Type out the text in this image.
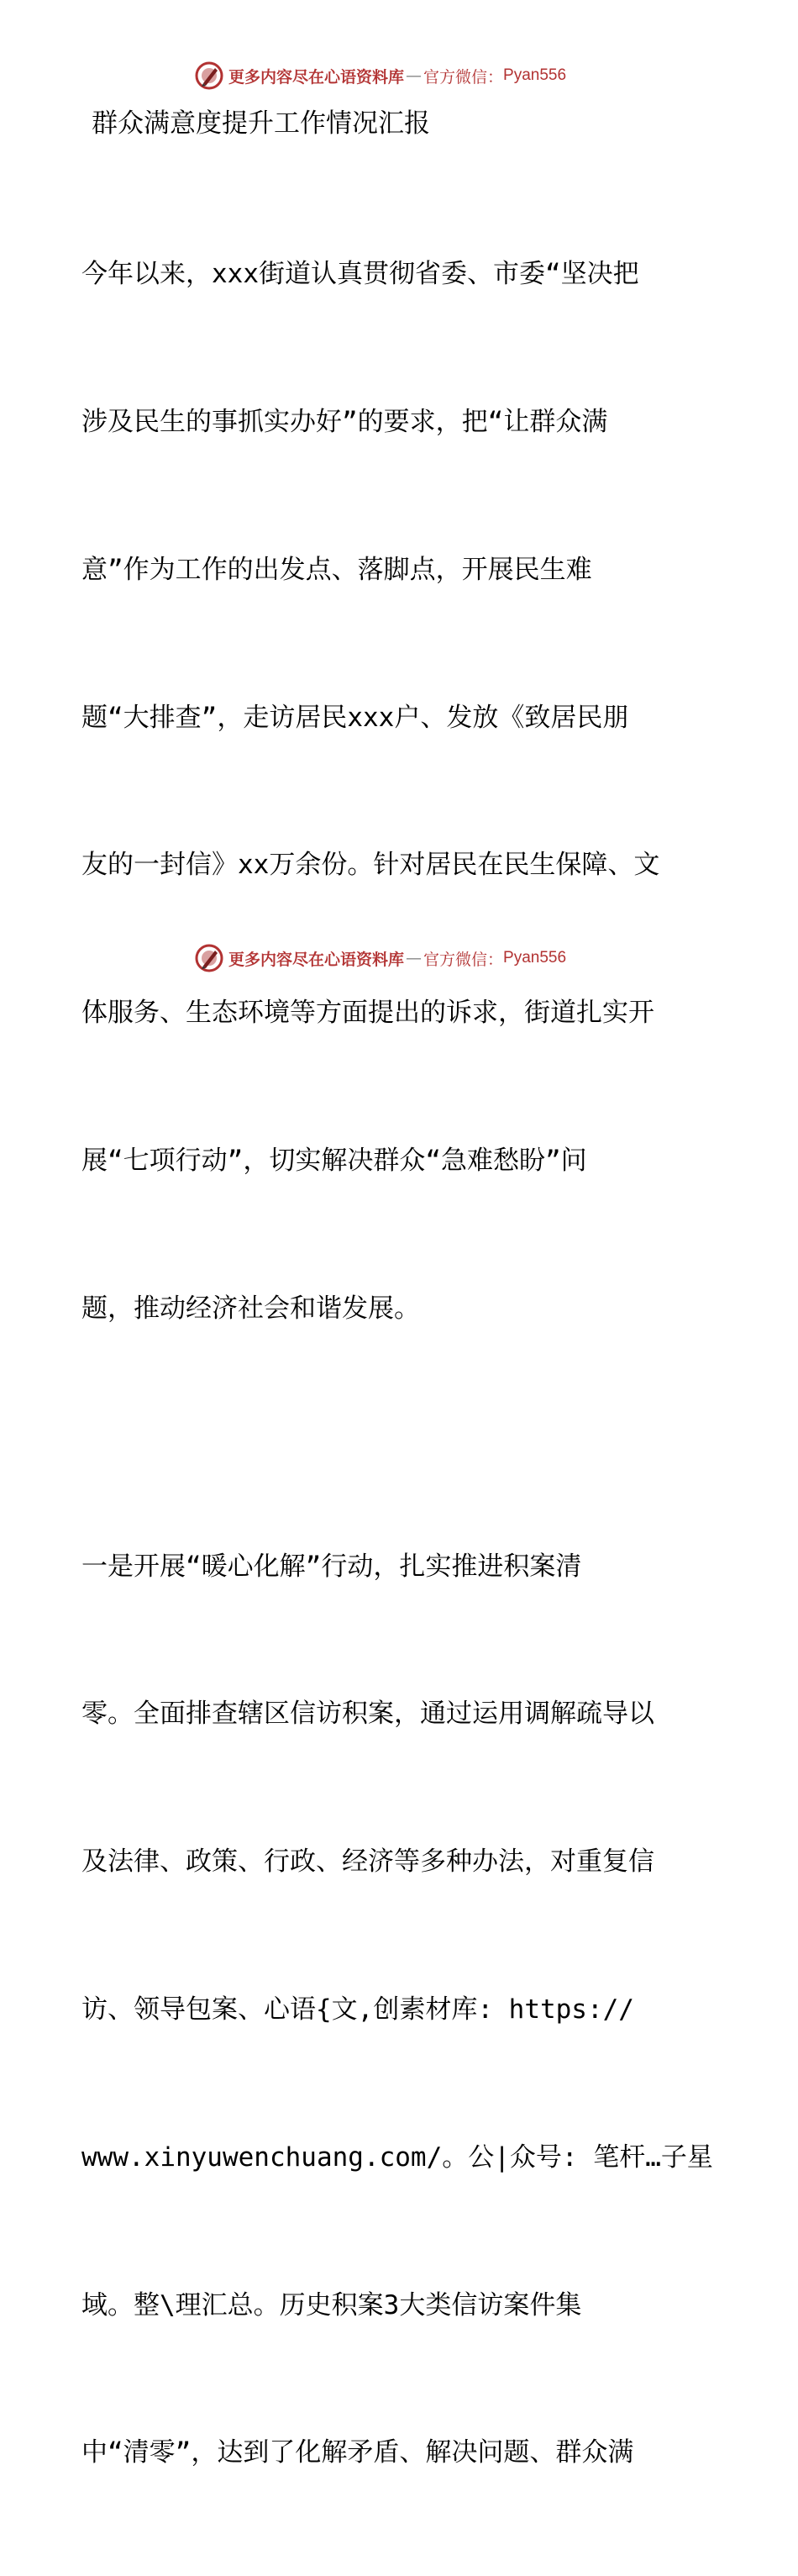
更多内容尽在心语资料库 — 官方微信： Pyan556
群众满意度提升工作情况汇报

今年以来，xxx街道认真贯彻省委、市委“坚决把

涉及民生的事抓实办好”的要求，把“让群众满

意”作为工作的出发点、落脚点，开展民生难

题“大排查”，走访居民xxx户、发放《致居民朋

友的一封信》xx万余份。针对居民在民生保障、文

体服务、生态环境等方面提出的诉求，街道扎实开

展“七项行动”，切实解决群众“急难愁盼”问

题，推动经济社会和谐发展。

一是开展“暖心化解”行动，扎实推进积案清

零。全面排查辖区信访积案，通过运用调解疏导以

及法律、政策、行政、经济等多种办法，对重复信

访、领导包案、心语{文,创素材库: https://

www.xinyuwenchuang.com/。公|众号: 笔杆…子星

域。整\理汇总。历史积案3大类信访案件集

中“清零”，达到了化解矛盾、解决问题、群众满

更多内容尽在心语资料库 — 官方微信： Pyan556
